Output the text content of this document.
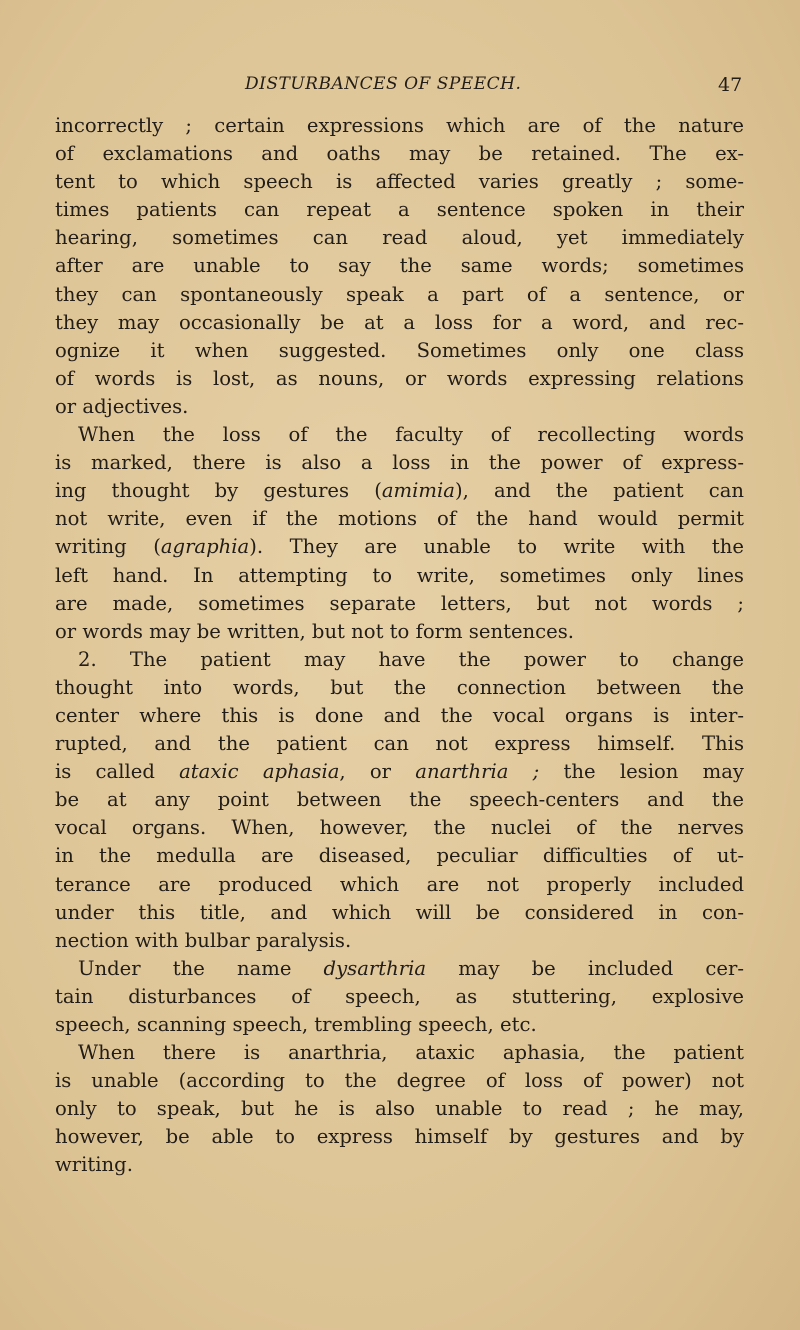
DISTURBANCES OF SPEECH.	47
incorrectly ; certain expressions which are of the nature
of exclamations and oaths may be retained. The ex-
tent to which speech is affected varies greatly ; some-
times patients can repeat a sentence spoken in their
hearing, sometimes can read aloud, yet immediately
after are unable to say the same words; sometimes
they can spontaneously speak a part of a sentence, or
they may occasionally be at a loss for a word, and rec-
ognize it when suggested. Sometimes only one class
of words is lost, as nouns, or words expressing relations
or adjectives.
When the loss of the faculty of recollecting words
is marked, there is also a loss in the power of express-
ing thought by gestures (amimia), and the patient can
not write, even if the motions of the hand would permit
writing (agraphia). They are unable to write with the
left hand. In attempting to write, sometimes only lines
are made, sometimes separate letters, but not words ;
or words may be written, but not to form sentences.
2. The patient may have the power to change
thought into words, but the connection between the
center where this is done and the vocal organs is inter-
rupted, and the patient can not express himself. This
is called ataxic aphasia, or anarthria ; the lesion may
be at any point between the speech-centers and the
vocal organs. When, however, the nuclei of the nerves
in the medulla are diseased, peculiar difficulties of ut-
terance are produced which are not properly included
under this title, and which will be considered in con-
nection with bulbar paralysis.
Under the name dysarthria may be included cer-
tain disturbances of speech, as stuttering, explosive
speech, scanning speech, trembling speech, etc.
When there is anarthria, ataxic aphasia, the patient
is unable (according to the degree of loss of power) not
only to speak, but he is also unable to read ; he may,
however, be able to express himself by gestures and by
writing.
